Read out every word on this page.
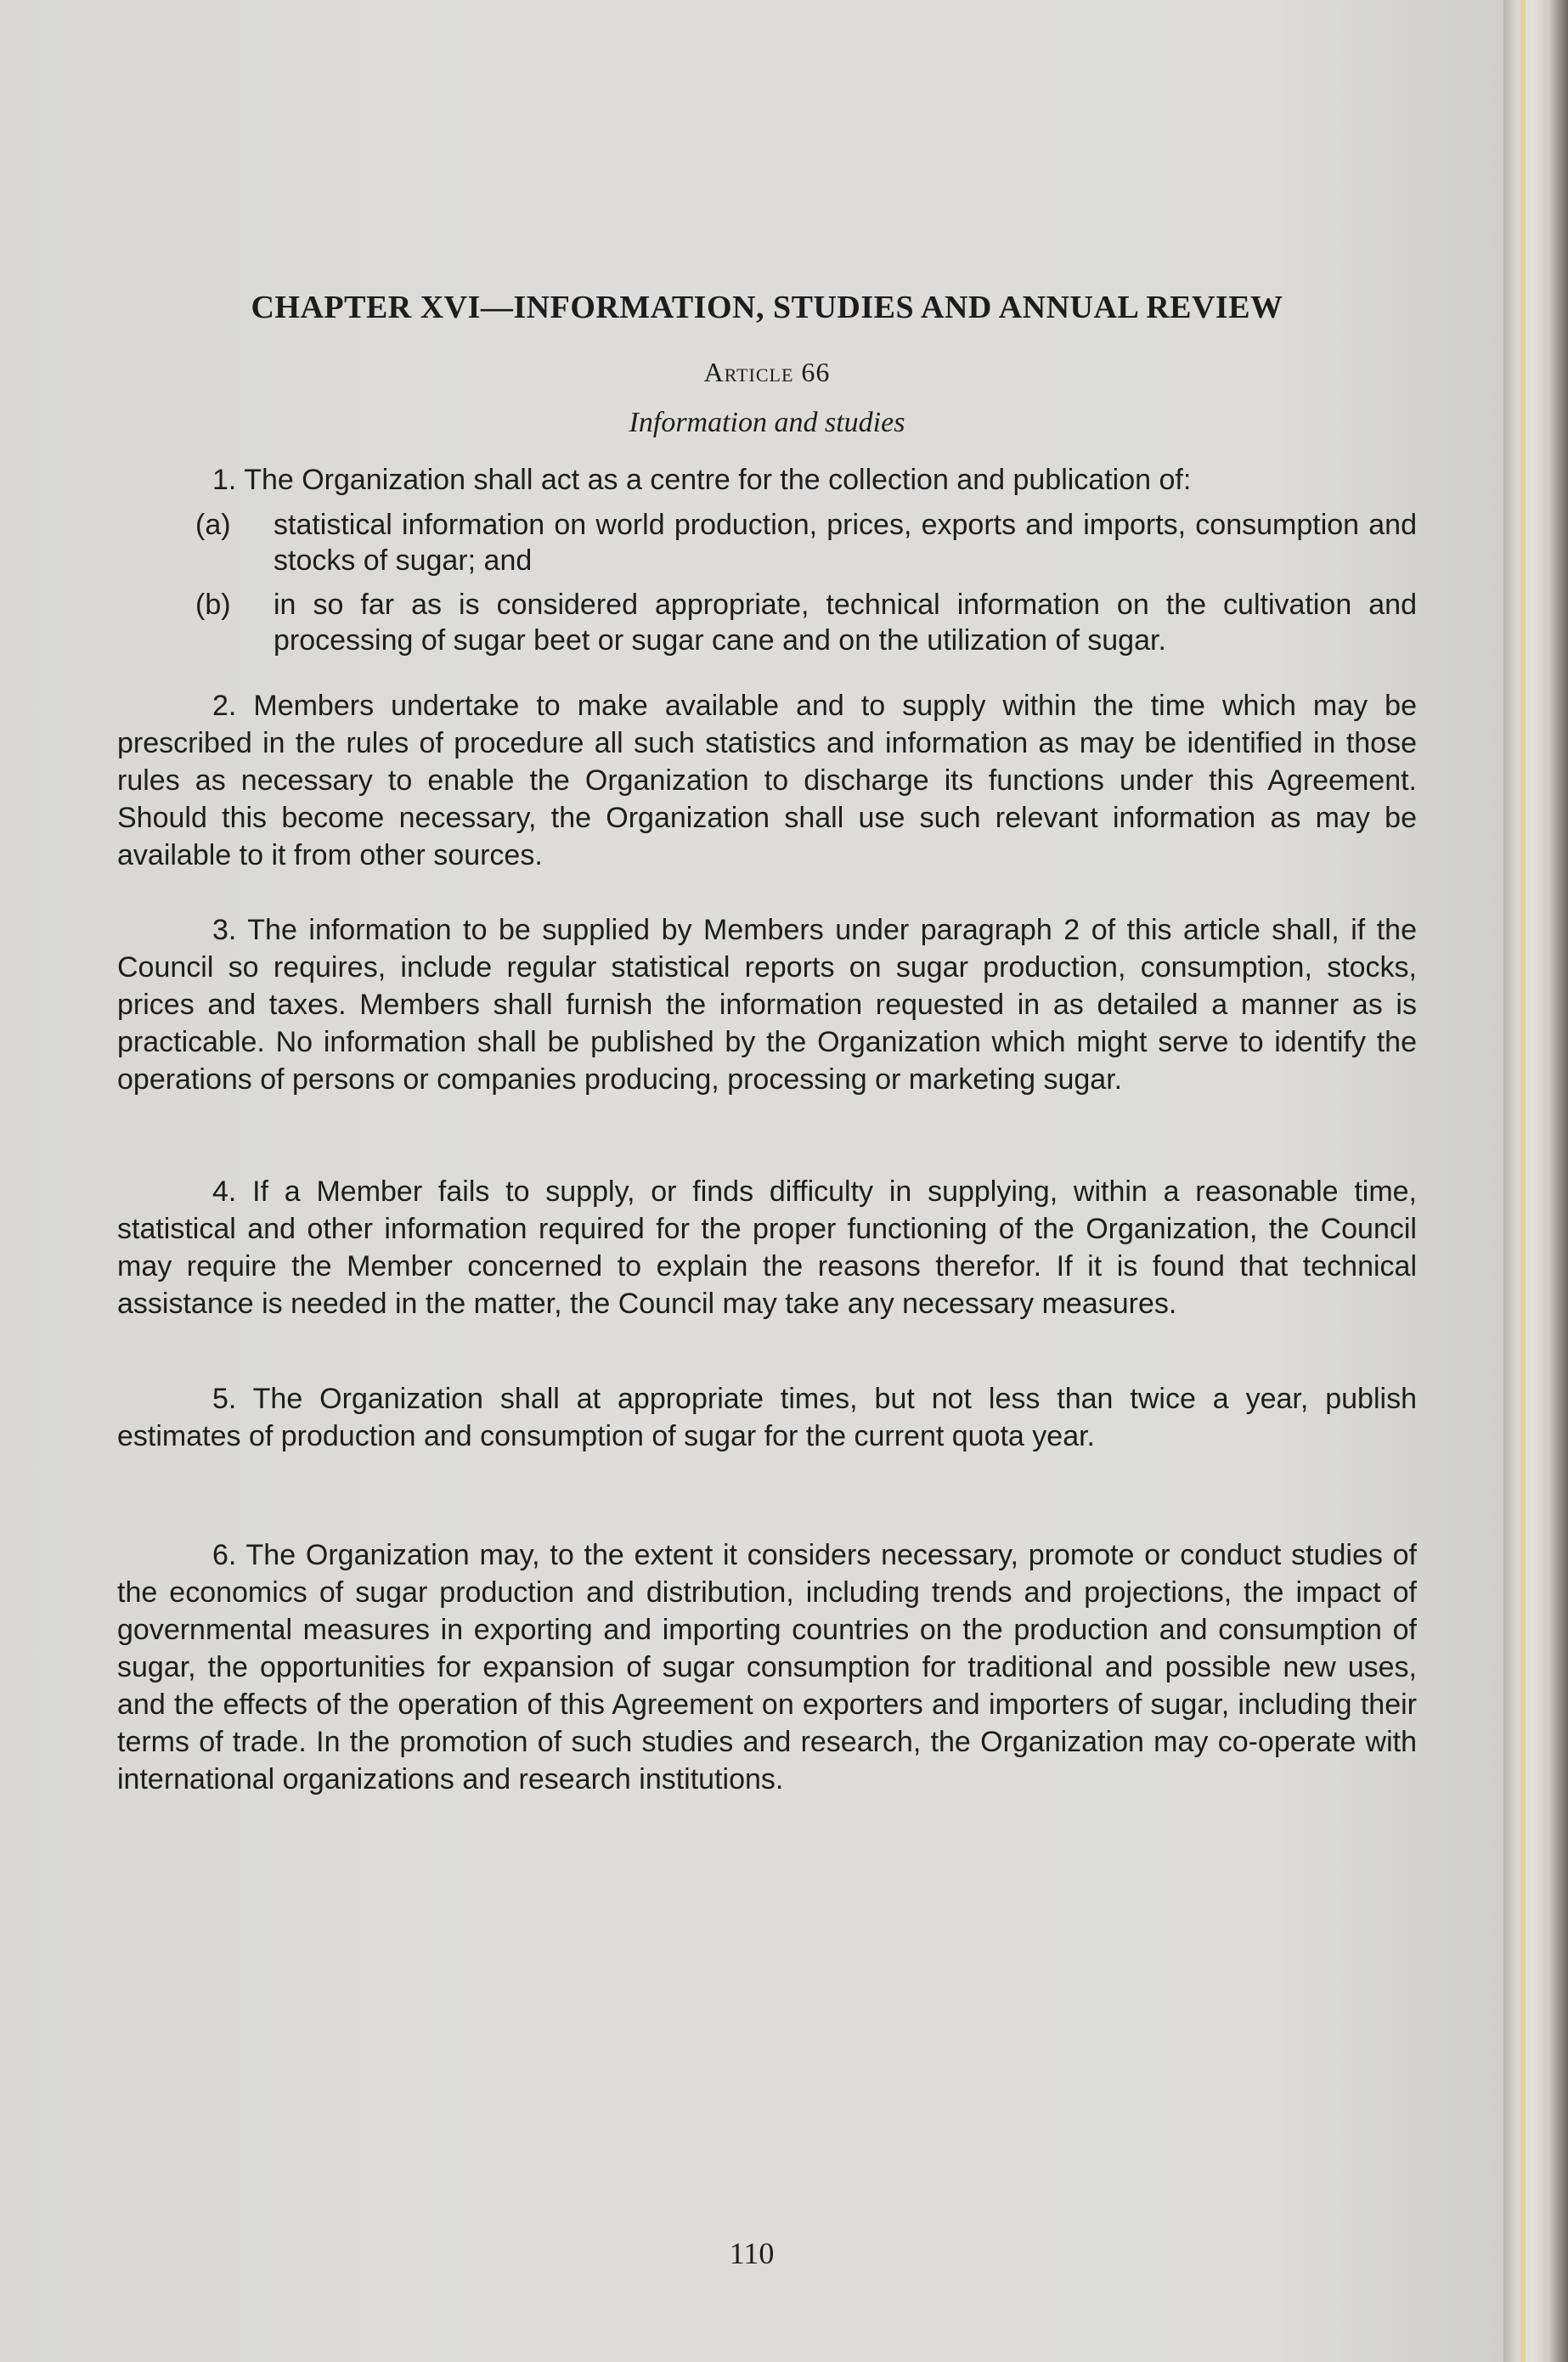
CHAPTER XVI—INFORMATION, STUDIES AND ANNUAL REVIEW
Article 66
Information and studies

1. The Organization shall act as a centre for the collection and publication of:

(a)	statistical information on world production, prices, exports and imports, consumption and stocks of sugar; and
(b)	in so far as is considered appropriate, technical information on the cultivation and processing of sugar beet or sugar cane and on the utilization of sugar.

2. Members undertake to make available and to supply within the time which may be prescribed in the rules of procedure all such statistics and information as may be identified in those rules as necessary to enable the Organization to discharge its functions under this Agreement. Should this become necessary, the Organization shall use such relevant information as may be available to it from other sources.

3. The information to be supplied by Members under paragraph 2 of this article shall, if the Council so requires, include regular statistical reports on sugar production, consumption, stocks, prices and taxes. Members shall furnish the information requested in as detailed a manner as is practicable. No information shall be published by the Organization which might serve to identify the operations of persons or companies producing, processing or marketing sugar.

4. If a Member fails to supply, or finds difficulty in supplying, within a reasonable time, statistical and other information required for the proper functioning of the Organization, the Council may require the Member concerned to explain the reasons therefor. If it is found that technical assistance is needed in the matter, the Council may take any necessary measures.

5. The Organization shall at appropriate times, but not less than twice a year, publish estimates of production and consumption of sugar for the current quota year.

6. The Organization may, to the extent it considers necessary, promote or conduct studies of the economics of sugar production and distribution, including trends and projections, the impact of governmental measures in exporting and importing countries on the production and consumption of sugar, the opportunities for expansion of sugar consumption for traditional and possible new uses, and the effects of the operation of this Agreement on exporters and importers of sugar, including their terms of trade. In the promotion of such studies and research, the Organization may co-operate with international organizations and research institutions.

110
